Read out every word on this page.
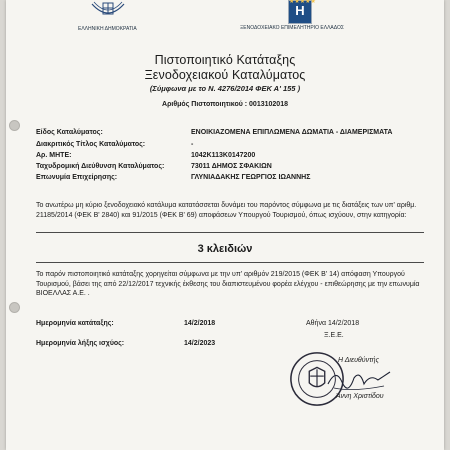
ΕΛΛΗΝΙΚΗ ΔΗΜΟΚΡΑΤΙΑ
H
★★★★★
ΞΕΝΟΔΟΧΕΙΑΚΟ ΕΠΙΜΕΛΗΤΗΡΙΟ ΕΛΛΑΔΟΣ
Πιστοποιητικό Κατάταξης
Ξενοδοχειακού Καταλύματος
(Σύμφωνα με το Ν. 4276/2014 ΦΕΚ Α' 155 )
Αριθμός Πιστοποιητικού : 0013102018
Είδος Καταλύματος:	ΕΝΟΙΚΙΑΖΟΜΕΝΑ ΕΠΙΠΛΩΜΕΝΑ ΔΩΜΑΤΙΑ - ΔΙΑΜΕΡΙΣΜΑΤΑ
Διακριτικός Τίτλος Καταλύματος:	-
Αρ. ΜΗΤΕ:	1042K113K0147200
Ταχυδρομική Διεύθυνση Καταλύματος:	73011 ΔΗΜΟΣ ΣΦΑΚΙΩΝ
Επωνυμία Επιχείρησης:	ΓΛΥΝΙΑΔΑΚΗΣ ΓΕΩΡΓΙΟΣ ΙΩΑΝΝΗΣ
Το ανωτέρω μη κύριο ξενοδοχειακό κατάλυμα κατατάσσεται δυνάμει του παρόντος σύμφωνα με τις διατάξεις των υπ' αριθμ. 21185/2014 (ΦΕΚ Β' 2840) και 91/2015 (ΦΕΚ Β' 69) αποφάσεων Υπουργού Τουρισμού, όπως ισχύουν, στην κατηγορία:
3 κλειδιών
Το παρόν πιστοποιητικό κατάταξης χορηγείται σύμφωνα με την υπ' αριθμόν 219/2015 (ΦΕΚ Β' 14) απόφαση Υπουργού Τουρισμού, βάσει της από 22/12/2017 τεχνικής έκθεσης του διαπιστευμένου φορέα ελέγχου - επιθεώρησης με την επωνυμία ΒΙΟΕΛΛΑΣ Α.Ε. .
Ημερομηνία κατάταξης:	14/2/2018
Ημερομηνία λήξης ισχύος:	14/2/2023
Αθήνα 14/2/2018
Ξ.Ε.Ε.
Η Διευθύντής
Άννη Χριστίδου
